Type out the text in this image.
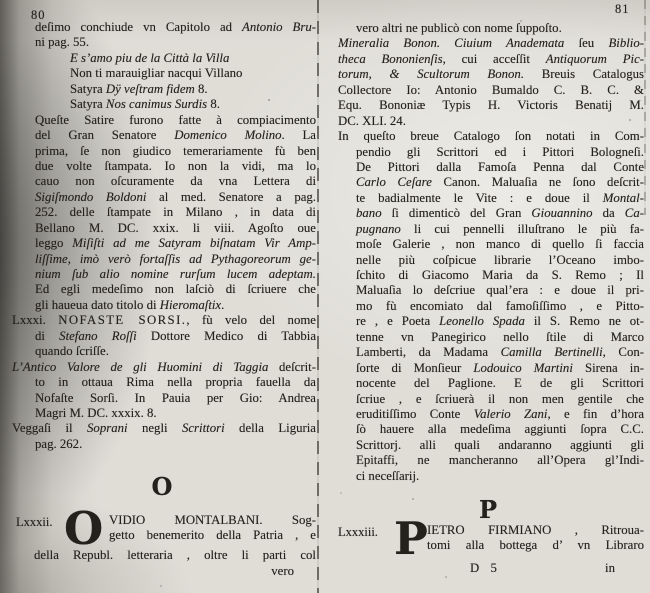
80	81
deſimo conchiude vn Capitolo ad Antonio Bru-
ni pag. 55.
E s’amo piu de la Città la Villa
Non ti marauigliar nacqui Villano
Satyra Dÿ veſtram fidem 8.
Satyra Nos canimus Surdis 8.
Queſte Satire furono fatte à compiacimento
del Gran Senatore Domenico Molino. La
prima, ſe non giudico temerariamente fù ben
due volte ſtampata. Io non la vidi, ma lo
cauo non oſcuramente da vna Lettera di
Sigiſmondo Boldoni al med. Senatore a pag.
252. delle ſtampate in Milano , in data di
Bellano M. DC. xxix. li viii. Agoſto oue
leggo Miſiſti ad me Satyram biſnatam Vir Amp-
liſſime, imò verò fortaſſis ad Pythagoreorum ge-
nium ſub alio nomine rurſum lucem adeptam.
Ed egli medeſimo non laſciò di ſcriuere che
gli haueua dato titolo di Hieromaſtix.
Lxxxi. NOFASTE SORSI., fù velo del nome
di Stefano Roſſi Dottore Medico di Tabbia
quando ſcriſſe.
L’Antico Valore de gli Huomini di Taggia deſcrit-
to in ottaua Rima nella propria fauella da
Nofaſte Sorſi. In Pauia per Gio: Andrea
Magri M. DC. xxxix. 8.
Veggaſi il Soprani negli Scrittori della Liguria
pag. 262.
O
Lxxxii. O VIDIO MONTALBANI. Sog-
getto benemerito della Patria , e
della Republ. letteraria , oltre li parti col
vero
vero altri ne publicò con nome ſuppoſto.
Mineralia Bonon. Ciuium Anademata ſeu Biblio-
theca Bononienſis, cui acceſſit Antiquorum Pic-
torum, & Scultorum Bonon. Breuis Catalogus
Collectore Io: Antonio Bumaldo C. B. C. &
Equ. Bononiæ Typis H. Victoris Benatij M.
DC. XLI. 24.
In queſto breue Catalogo ſon notati in Com-
pendio gli Scrittori ed i Pittori Bologneſi.
De Pittori dalla Famoſa Penna dal Conte
Carlo Ceſare Canon. Maluaſia ne ſono deſcrit-
te badialmente le Vite : e doue il Montal-
bano ſi dimenticò del Gran Giouannino da Ca-
pugnano li cui pennelli illuſtrano le più fa-
moſe Galerie , non manco di quello ſi faccia
nelle più coſpicue librarie l’Oceano imbo-
ſchito di Giacomo Maria da S. Remo ; Il
Maluaſia lo deſcriue qual’era : e doue il pri-
mo fù encomiato dal famoſiſſimo , e Pitto-
re , e Poeta Leonello Spada il S. Remo ne ot-
tenne vn Panegirico nello ſtile di Marco
Lamberti, da Madama Camilla Bertinelli, Con-
ſorte di Monſieur Lodouico Martini Sirena in-
nocente del Paglione. E de gli Scrittori
ſcriue , e ſcriuerà il non men gentile che
eruditiſſimo Conte Valerio Zani, e fin d’hora
ſò hauere alla medeſima aggiunti ſopra C.C.
Scrittorj. alli quali andaranno aggiunti gli
Epitaffi, ne mancheranno all’Opera gl’Indi-
ci neceſſarij.
P
Lxxxiii. P IETRO FIRMIANO , Ritroua-
tomi alla bottega d’ vn Libraro
D 5	in
